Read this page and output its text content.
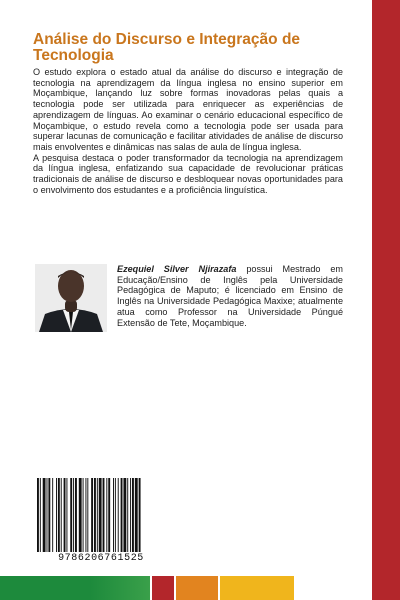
Análise do Discurso e Integração de Tecnologia

O estudo explora o estado atual da análise do discurso e integração de tecnologia na aprendizagem da língua inglesa no ensino superior em Moçambique, lançando luz sobre formas inovadoras pelas quais a tecnologia pode ser utilizada para enriquecer as experiências de aprendizagem de línguas. Ao examinar o cenário educacional específico de Moçambique, o estudo revela como a tecnologia pode ser usada para superar lacunas de comunicação e facilitar atividades de análise de discurso mais envolventes e dinâmicas nas salas de aula de língua inglesa.

A pesquisa destaca o poder transformador da tecnologia na aprendizagem da língua inglesa, enfatizando sua capacidade de revolucionar práticas tradicionais de análise de discurso e desbloquear novas oportunidades para o envolvimento dos estudantes e a proficiência linguística.

Ezequiel Silver Njirazafa possui Mestrado em Educação/Ensino de Inglês pela Universidade Pedagógica de Maputo; é licenciado em Ensino de Inglês na Universidade Pedagógica Maxixe; atualmente atua como Professor na Universidade Púngué Extensão de Tete, Moçambique.
9786206761525
